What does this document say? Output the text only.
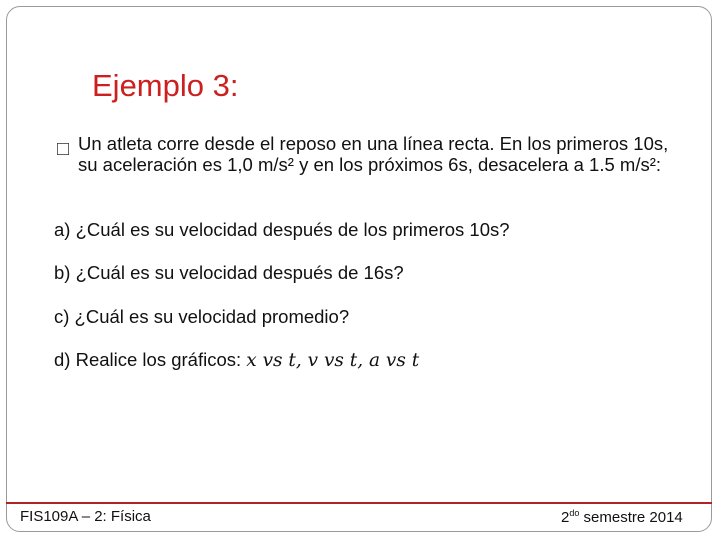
Ejemplo 3:
□ Un atleta corre desde el reposo en una línea recta. En los primeros 10s, su aceleración es 1,0 m/s² y en los próximos 6s, desacelera a 1.5 m/s²:
a) ¿Cuál es su velocidad después de los primeros 10s?
b) ¿Cuál es su velocidad después de 16s?
c) ¿Cuál es su velocidad promedio?
d) Realice los gráficos: x vs t, v vs t, a vs t
FIS109A – 2: Física	$2^{do}$ semestre 2014
